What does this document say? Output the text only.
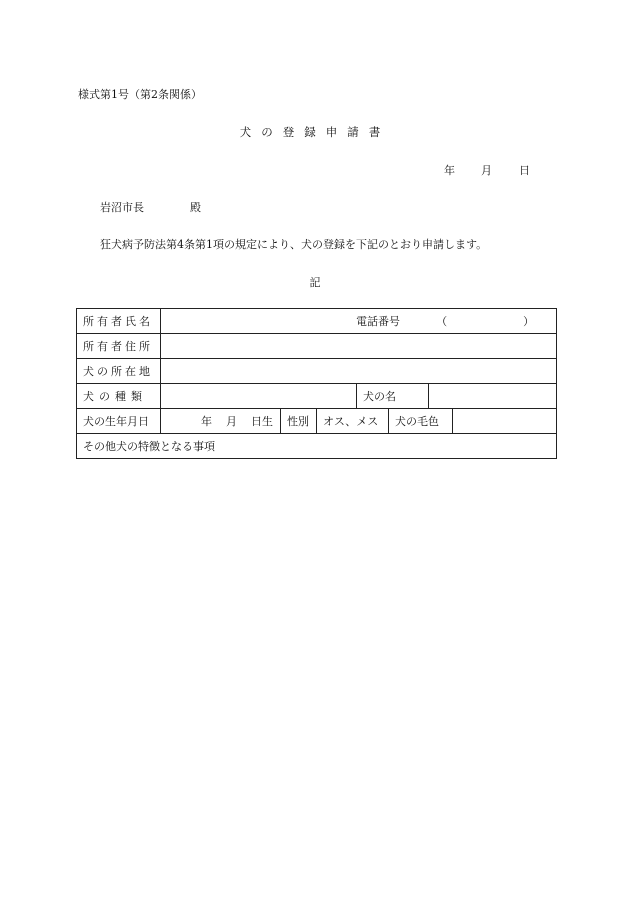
様式第1号（第2条関係）
犬の登録申請書
年 月 日
岩沼市長	殿
狂犬病予防法第4条第1項の規定により、犬の登録を下記のとおり申請します。
記
所有者氏名	電話番号 （ ）						

所有者住所							
犬の所在地							
犬の種類				犬の名			
犬の生年月日	年 月 日生	性別	オス、メス		犬の毛色		
その他犬の特徴となる事項							
